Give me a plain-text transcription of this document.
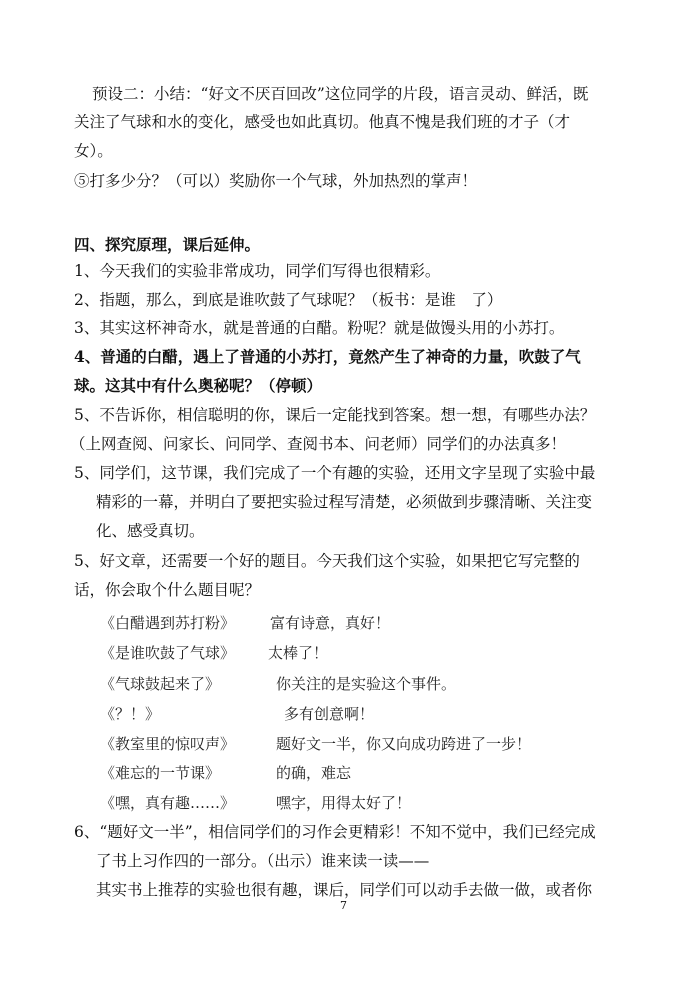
预设二：小结：“好文不厌百回改”这位同学的片段，语言灵动、鲜活，既
关注了气球和水的变化，感受也如此真切。他真不愧是我们班的才子（才
女）。
⑤打多少分？（可以）奖励你一个气球，外加热烈的掌声！
四、探究原理，课后延伸。
1、今天我们的实验非常成功，同学们写得也很精彩。
2、指题，那么，到底是谁吹鼓了气球呢？（板书：是谁　了）
3、其实这杯神奇水，就是普通的白醋。粉呢？就是做馒头用的小苏打。
4、普通的白醋，遇上了普通的小苏打，竟然产生了神奇的力量，吹鼓了气
球。这其中有什么奥秘呢？（停顿）
5、不告诉你，相信聪明的你，课后一定能找到答案。想一想，有哪些办法？
（上网查阅、问家长、问同学、查阅书本、问老师）同学们的办法真多！
5、同学们，这节课，我们完成了一个有趣的实验，还用文字呈现了实验中最
精彩的一幕，并明白了要把实验过程写清楚，必须做到步骤清晰、关注变
化、感受真切。
5、好文章，还需要一个好的题目。今天我们这个实验，如果把它写完整的
话，你会取个什么题目呢？
《白醋遇到苏打粉》 富有诗意，真好！
《是谁吹鼓了气球》 太棒了！
《气球鼓起来了》	你关注的是实验这个事件。
《？！》	多有创意啊！
《教室里的惊叹声》	题好文一半，你又向成功跨进了一步！
《难忘的一节课》	的确，难忘
《嘿，真有趣……》	嘿字，用得太好了！
6、“题好文一半”，相信同学们的习作会更精彩！不知不觉中，我们已经完成
了书上习作四的一部分。（出示）谁来读一读——
其实书上推荐的实验也很有趣，课后，同学们可以动手去做一做，或者你
7
